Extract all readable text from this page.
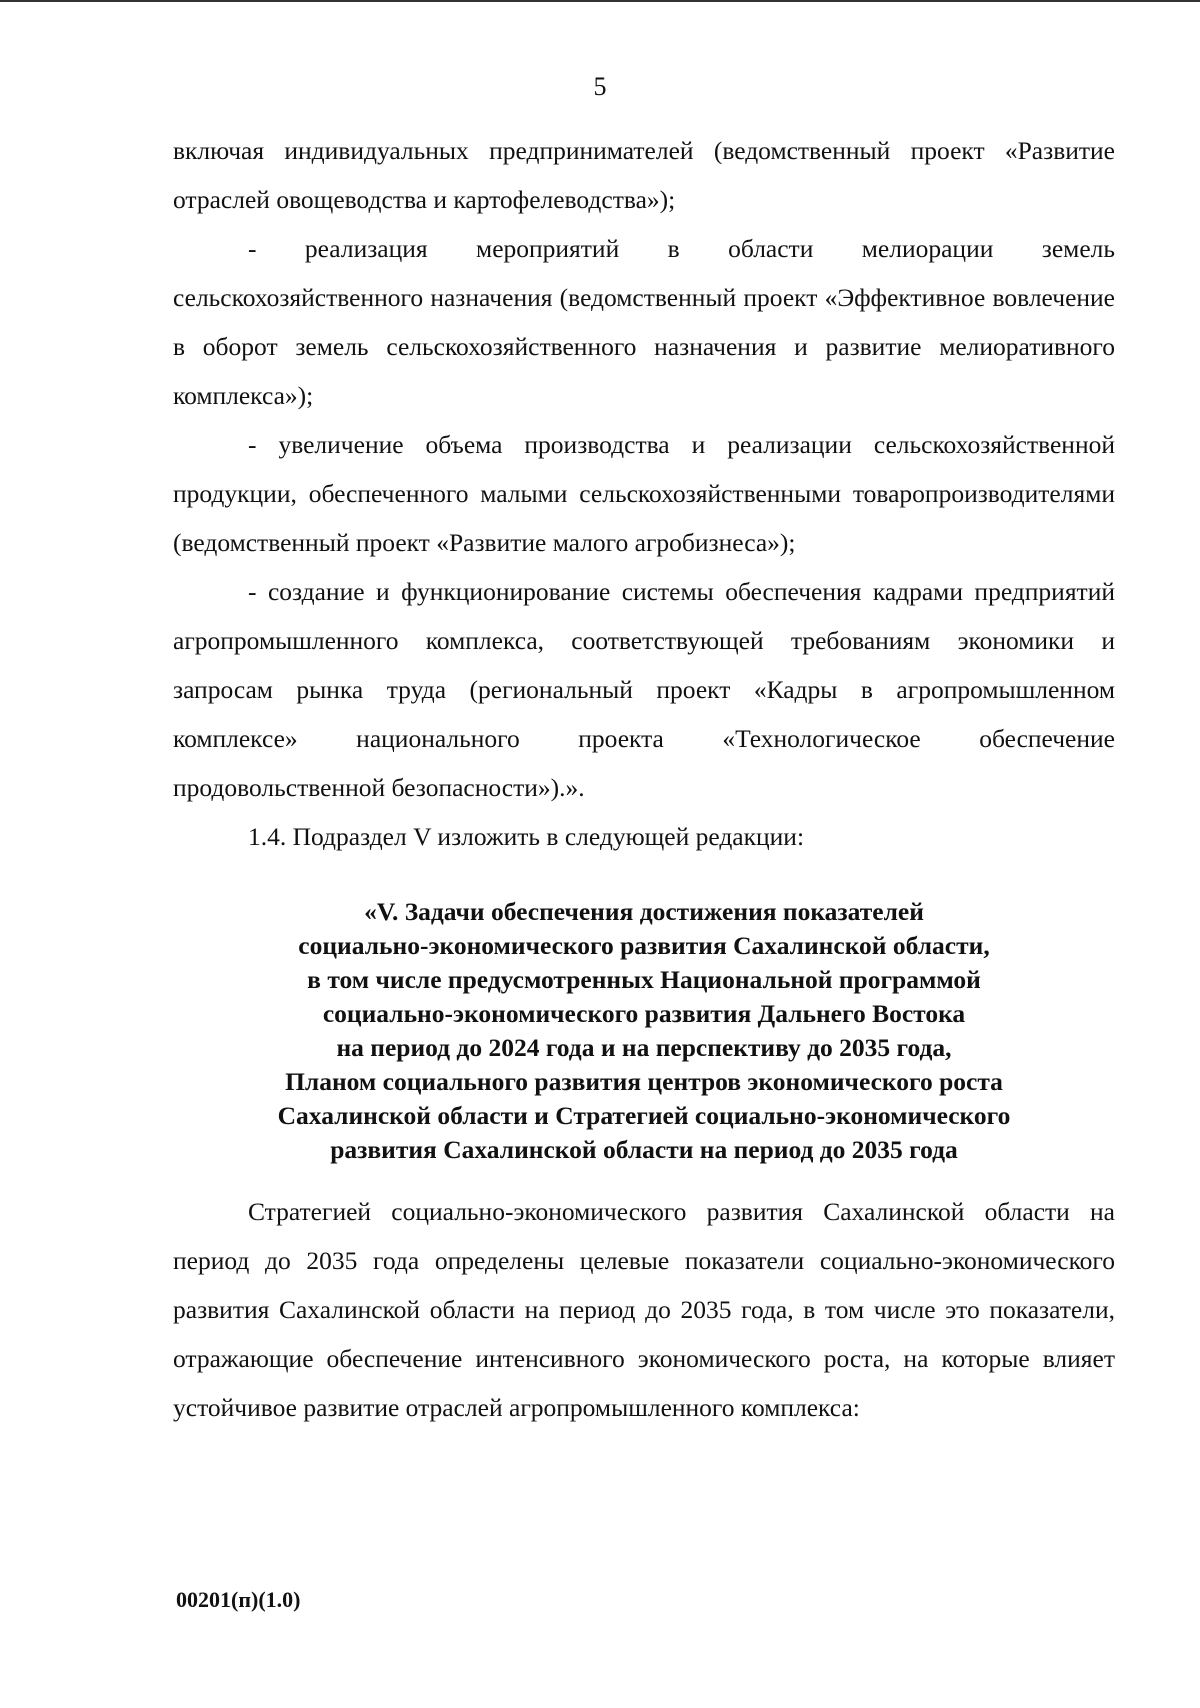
5

включая индивидуальных предпринимателей (ведомственный проект «Развитие отраслей овощеводства и картофелеводства»);

- реализация мероприятий в области мелиорации земель сельскохозяйственного назначения (ведомственный проект «Эффективное вовлечение в оборот земель сельскохозяйственного назначения и развитие мелиоративного комплекса»);

- увеличение объема производства и реализации сельскохозяйственной продукции, обеспеченного малыми сельскохозяйственными товаропроизводителями (ведомственный проект «Развитие малого агробизнеса»);

- создание и функционирование системы обеспечения кадрами предприятий агропромышленного комплекса, соответствующей требованиям экономики и запросам рынка труда (региональный проект «Кадры в агропромышленном комплексе» национального проекта «Технологическое обеспечение продовольственной безопасности»).».

1.4. Подраздел V изложить в следующей редакции:

«V. Задачи обеспечения достижения показателей
социально-экономического развития Сахалинской области,
в том числе предусмотренных Национальной программой
социально-экономического развития Дальнего Востока
на период до 2024 года и на перспективу до 2035 года,
Планом социального развития центров экономического роста
Сахалинской области и Стратегией социально-экономического
развития Сахалинской области на период до 2035 года

Стратегией социально-экономического развития Сахалинской области на период до 2035 года определены целевые показатели социально-экономического развития Сахалинской области на период до 2035 года, в том числе это показатели, отражающие обеспечение интенсивного экономического роста, на которые влияет устойчивое развитие отраслей агропромышленного комплекса:

00201(п)(1.0)
